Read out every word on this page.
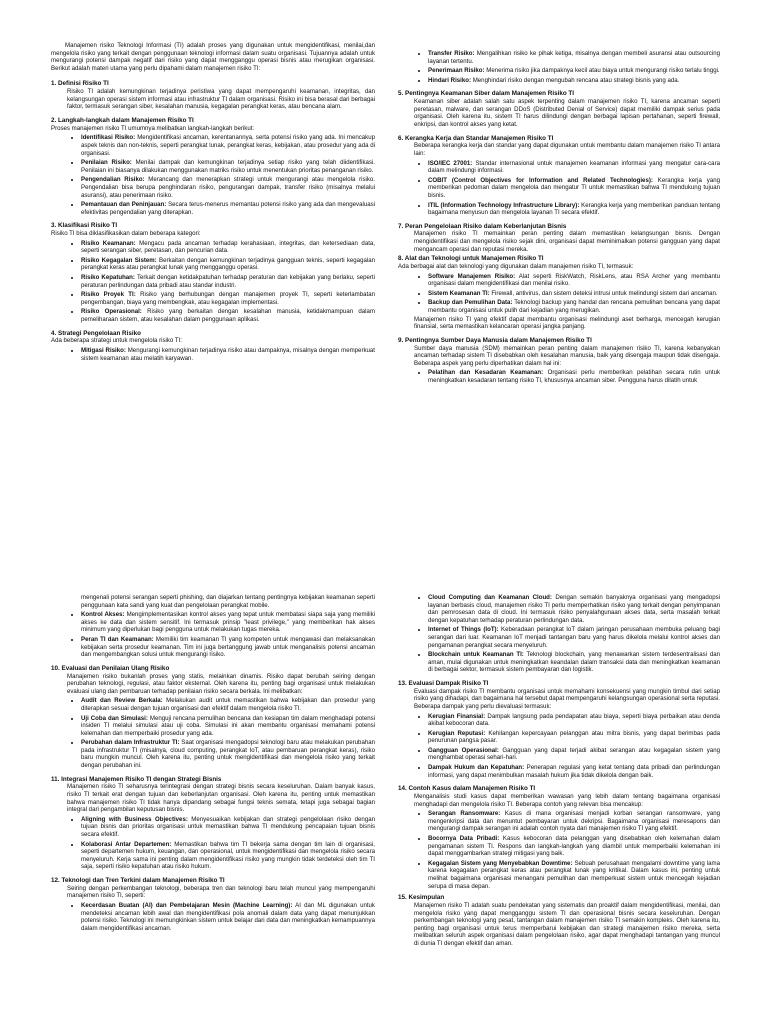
Manajemen risiko Teknologi Informasi (TI) adalah proses yang digunakan untuk mengidentifikasi, menilai,dan mengelola risiko yang terkait dengan penggunaan teknologi informasi dalam suatu organisasi. Tujuannya adalah untuk mengurangi potensi dampak negatif dari risiko yang dapat mengganggu operasi bisnis atau merugikan organisasi. Berikut adalah materi utama yang perlu dipahami dalam manajemen risiko TI:

1. Definisi Risiko TI

Risiko TI adalah kemungkinan terjadinya peristiwa yang dapat mempengaruhi keamanan, integritas, dan kelangsungan operasi sistem informasi atau infrastruktur TI dalam organisasi. Risiko ini bisa berasal dari berbagai faktor, termasuk serangan siber, kesalahan manusia, kegagalan perangkat keras, atau bencana alam.

2. Langkah-langkah dalam Manajemen Risiko TI

Proses manajemen risiko TI umumnya melibatkan langkah-langkah berikut:

• Identifikasi Risiko: Mengidentifikasi ancaman, kerentanannya, serta potensi risiko yang ada. Ini mencakup aspek teknis dan non-teknis, seperti perangkat lunak, perangkat keras, kebijakan, atau prosedur yang ada di organisasi.
• Penilaian Risiko: Menilai dampak dan kemungkinan terjadinya setiap risiko yang telah diidentifikasi. Penilaian ini biasanya dilakukan menggunakan matriks risiko untuk menentukan prioritas penanganan risiko.
• Pengendalian Risiko: Merancang dan menerapkan strategi untuk mengurangi atau mengelola risiko. Pengendalian bisa berupa penghindaran risiko, pengurangan dampak, transfer risiko (misalnya melalui asuransi), atau penerimaan risiko.
• Pemantauan dan Peninjauan: Secara terus-menerus memantau potensi risiko yang ada dan mengevaluasi efektivitas pengendalian yang diterapkan.
3. Klasifikasi Risiko TI

Risiko TI bisa diklasifikasikan dalam beberapa kategori:

• Risiko Keamanan: Mengacu pada ancaman terhadap kerahasiaan, integritas, dan ketersediaan data, seperti serangan siber, peretasan, dan pencurian data.
• Risiko Kegagalan Sistem: Berkaitan dengan kemungkinan terjadinya gangguan teknis, seperti kegagalan perangkat keras atau perangkat lunak yang mengganggu operasi.
• Risiko Kepatuhan: Terkait dengan ketidakpatuhan terhadap peraturan dan kebijakan yang berlaku, seperti peraturan perlindungan data pribadi atau standar industri.
• Risiko Proyek TI: Risiko yang berhubungan dengan manajemen proyek TI, seperti keterlambatan pengembangan, biaya yang membengkak, atau kegagalan implementasi.
• Risiko Operasional: Risiko yang berkaitan dengan kesalahan manusia, ketidakmampuan dalam pemeliharaan sistem, atau kesalahan dalam penggunaan aplikasi.
4. Strategi Pengelolaan Risiko

Ada beberapa strategi untuk mengelola risiko TI:

• Mitigasi Risiko: Mengurangi kemungkinan terjadinya risiko atau dampaknya, misalnya dengan memperkuat sistem keamanan atau melatih karyawan.
• Transfer Risiko: Mengalihkan risiko ke pihak ketiga, misalnya dengan membeli asuransi atau outsourcing layanan tertentu.
• Penerimaan Risiko: Menerima risiko jika dampaknya kecil atau biaya untuk mengurangi risiko terlalu tinggi.
• Hindari Risiko: Menghindari risiko dengan mengubah rencana atau strategi bisnis yang ada.
5. Pentingnya Keamanan Siber dalam Manajemen Risiko TI

Keamanan siber adalah salah satu aspek terpenting dalam manajemen risiko TI, karena ancaman seperti peretasan, malware, dan serangan DDoS (Distributed Denial of Service) dapat memiliki dampak serius pada organisasi. Oleh karena itu, sistem TI harus dilindungi dengan berbagai lapisan pertahanan, seperti firewall, enkripsi, dan kontrol akses yang ketat.

6. Kerangka Kerja dan Standar Manajemen Risiko TI

Beberapa kerangka kerja dan standar yang dapat digunakan untuk membantu dalam manajemen risiko TI antara lain:

• ISO/IEC 27001: Standar internasional untuk manajemen keamanan informasi yang mengatur cara-cara dalam melindungi informasi.
• COBIT (Control Objectives for Information and Related Technologies): Kerangka kerja yang memberikan pedoman dalam mengelola dan mengatur TI untuk memastikan bahwa TI mendukung tujuan bisnis.
• ITIL (Information Technology Infrastructure Library): Kerangka kerja yang memberikan panduan tentang bagaimana menyusun dan mengelola layanan TI secara efektif.
7. Peran Pengelolaan Risiko dalam Keberlanjutan Bisnis

Manajemen risiko TI memainkan peran penting dalam memastikan kelangsungan bisnis. Dengan mengidentifikasi dan mengelola risiko sejak dini, organisasi dapat meminimalkan potensi gangguan yang dapat mengancam operasi dan reputasi mereka.

8. Alat dan Teknologi untuk Manajemen Risiko TI

Ada berbagai alat dan teknologi yang digunakan dalam manajemen risiko TI, termasuk:

• Software Manajemen Risiko: Alat seperti RiskWatch, RiskLens, atau RSA Archer yang membantu organisasi dalam mengidentifikasi dan menilai risiko.
• Sistem Keamanan TI: Firewall, antivirus, dan sistem deteksi intrusi untuk melindungi sistem dari ancaman.
• Backup dan Pemulihan Data: Teknologi backup yang handal dan rencana pemulihan bencana yang dapat membantu organisasi untuk pulih dari kejadian yang merugikan.

Manajemen risiko TI yang efektif dapat membantu organisasi melindungi aset berharga, mencegah kerugian finansial, serta memastikan kelancaran operasi jangka panjang.

9. Pentingnya Sumber Daya Manusia dalam Manajemen Risiko TI

Sumber daya manusia (SDM) memainkan peran penting dalam manajemen risiko TI, karena kebanyakan ancaman terhadap sistem TI disebabkan oleh kesalahan manusia, baik yang disengaja maupun tidak disengaja. Beberapa aspek yang perlu diperhatikan dalam hal ini:

• Pelatihan dan Kesadaran Keamanan: Organisasi perlu memberikan pelatihan secara rutin untuk meningkatkan kesadaran tentang risiko TI, khususnya ancaman siber. Pengguna harus dilatih untuk

mengenali potensi serangan seperti phishing, dan diajarkan tentang pentingnya kebijakan keamanan seperti penggunaan kata sandi yang kuat dan pengelolaan perangkat mobile.

• Kontrol Akses: Mengimplementasikan kontrol akses yang tepat untuk membatasi siapa saja yang memiliki akses ke data dan sistem sensitif. Ini termasuk prinsip "least privilege," yang memberikan hak akses minimum yang diperlukan bagi pengguna untuk melakukan tugas mereka.
• Peran TI dan Keamanan: Memiliki tim keamanan TI yang kompeten untuk mengawasi dan melaksanakan kebijakan serta prosedur keamanan. Tim ini juga bertanggung jawab untuk menganalisis potensi ancaman dan mengembangkan solusi untuk mengurangi risiko.
10. Evaluasi dan Penilaian Ulang Risiko

Manajemen risiko bukanlah proses yang statis, melainkan dinamis. Risiko dapat berubah seiring dengan perubahan teknologi, regulasi, atau faktor eksternal. Oleh karena itu, penting bagi organisasi untuk melakukan evaluasi ulang dan pembaruan terhadap penilaian risiko secara berkala. Ini melibatkan:

• Audit dan Review Berkala: Melakukan audit untuk memastikan bahwa kebijakan dan prosedur yang diterapkan sesuai dengan tujuan organisasi dan efektif dalam mengelola risiko TI.
• Uji Coba dan Simulasi: Menguji rencana pemulihan bencana dan kesiapan tim dalam menghadapi potensi insiden TI melalui simulasi atau uji coba. Simulasi ini akan membantu organisasi memahami potensi kelemahan dan memperbaiki prosedur yang ada.
• Perubahan dalam Infrastruktur TI: Saat organisasi mengadopsi teknologi baru atau melakukan perubahan pada infrastruktur TI (misalnya, cloud computing, perangkat IoT, atau pembaruan perangkat keras), risiko baru mungkin muncul. Oleh karena itu, penting untuk mengidentifikasi dan mengelola risiko yang terkait dengan perubahan ini.
11. Integrasi Manajemen Risiko TI dengan Strategi Bisnis

Manajemen risiko TI seharusnya terintegrasi dengan strategi bisnis secara keseluruhan. Dalam banyak kasus, risiko TI terkait erat dengan tujuan dan keberlanjutan organisasi. Oleh karena itu, penting untuk memastikan bahwa manajemen risiko TI tidak hanya dipandang sebagai fungsi teknis semata, tetapi juga sebagai bagian integral dari pengambilan keputusan bisnis.

• Aligning with Business Objectives: Menyesuaikan kebijakan dan strategi pengelolaan risiko dengan tujuan bisnis dan prioritas organisasi untuk memastikan bahwa TI mendukung pencapaian tujuan bisnis secara efektif.
• Kolaborasi Antar Departemen: Memastikan bahwa tim TI bekerja sama dengan tim lain di organisasi, seperti departemen hukum, keuangan, dan operasional, untuk mengidentifikasi dan mengelola risiko secara menyeluruh. Kerja sama ini penting dalam mengidentifikasi risiko yang mungkin tidak terdeteksi oleh tim TI saja, seperti risiko kepatuhan atau risiko hukum.
12. Teknologi dan Tren Terkini dalam Manajemen Risiko TI

Seiring dengan perkembangan teknologi, beberapa tren dan teknologi baru telah muncul yang mempengaruhi manajemen risiko TI, seperti:

• Kecerdasan Buatan (AI) dan Pembelajaran Mesin (Machine Learning): AI dan ML digunakan untuk mendeteksi ancaman lebih awal dan mengidentifikasi pola anomali dalam data yang dapat menunjukkan potensi risiko. Teknologi ini memungkinkan sistem untuk belajar dari data dan meningkatkan kemampuannya dalam mengidentifikasi ancaman.
• Cloud Computing dan Keamanan Cloud: Dengan semakin banyaknya organisasi yang mengadopsi layanan berbasis cloud, manajemen risiko TI perlu memperhatikan risiko yang terkait dengan penyimpanan dan pemrosesan data di cloud. Ini termasuk risiko penyalahgunaan akses data, serta masalah terkait dengan kepatuhan terhadap peraturan perlindungan data.
• Internet of Things (IoT): Keberadaan perangkat IoT dalam jaringan perusahaan membuka peluang bagi serangan dari luar. Keamanan IoT menjadi tantangan baru yang harus dikelola melalui kontrol akses dan pengamanan perangkat secara menyeluruh.
• Blockchain untuk Keamanan TI: Teknologi blockchain, yang menawarkan sistem terdesentralisasi dan aman, mulai digunakan untuk meningkatkan keandalan dalam transaksi data dan meningkatkan keamanan di berbagai sektor, termasuk sistem pembayaran dan logistik.
13. Evaluasi Dampak Risiko TI

Evaluasi dampak risiko TI membantu organisasi untuk memahami konsekuensi yang mungkin timbul dari setiap risiko yang dihadapi, dan bagaimana hal tersebut dapat mempengaruhi kelangsungan operasional serta reputasi. Beberapa dampak yang perlu dievaluasi termasuk:

• Kerugian Finansial: Dampak langsung pada pendapatan atau biaya, seperti biaya perbaikan atau denda akibat kebocoran data.
• Kerugian Reputasi: Kehilangan kepercayaan pelanggan atau mitra bisnis, yang dapat berimbas pada penurunan pangsa pasar.
• Gangguan Operasional: Gangguan yang dapat terjadi akibat serangan atau kegagalan sistem yang menghambat operasi sehari-hari.
• Dampak Hukum dan Kepatuhan: Penerapan regulasi yang ketat tentang data pribadi dan perlindungan informasi, yang dapat menimbulkan masalah hukum jika tidak dikelola dengan baik.
14. Contoh Kasus dalam Manajemen Risiko TI

Menganalisis studi kasus dapat memberikan wawasan yang lebih dalam tentang bagaimana organisasi menghadapi dan mengelola risiko TI. Beberapa contoh yang relevan bisa mencakup:

• Serangan Ransomware: Kasus di mana organisasi menjadi korban serangan ransomware, yang mengenkripsi data dan menuntut pembayaran untuk dekripsi. Bagaimana organisasi meresapons dan mengurangi dampak serangan ini adalah contoh nyata dari manajemen risiko TI yang efektif.
• Bocornya Data Pribadi: Kasus kebocoran data pelanggan yang disebabkan oleh kelemahan dalam pengamanan sistem TI. Respons dan langkah-langkah yang diambil untuk memperbaiki kelemahan ini dapat menggambarkan strategi mitigasi yang baik.
• Kegagalan Sistem yang Menyebabkan Downtime: Sebuah perusahaan mengalami downtime yang lama karena kegagalan perangkat keras atau perangkat lunak yang kritikal. Dalam kasus ini, penting untuk melihat bagaimana organisasi menangani pemulihan dan memperkuat sistem untuk mencegah kejadian serupa di masa depan.
15. Kesimpulan

Manajemen risiko TI adalah suatu pendekatan yang sistematis dan proaktif dalam mengidentifikasi, menilai, dan mengelola risiko yang dapat mengganggu sistem TI dan operasional bisnis secara keseluruhan. Dengan perkembangan teknologi yang pesat, tantangan dalam manajemen risiko TI semakin kompleks. Oleh karena itu, penting bagi organisasi untuk terus memperbarui kebijakan dan strategi manajemen risiko mereka, serta melibatkan seluruh aspek organisasi dalam pengelolaan risiko, agar dapat menghadapi tantangan yang muncul di dunia TI dengan efektif dan aman.
